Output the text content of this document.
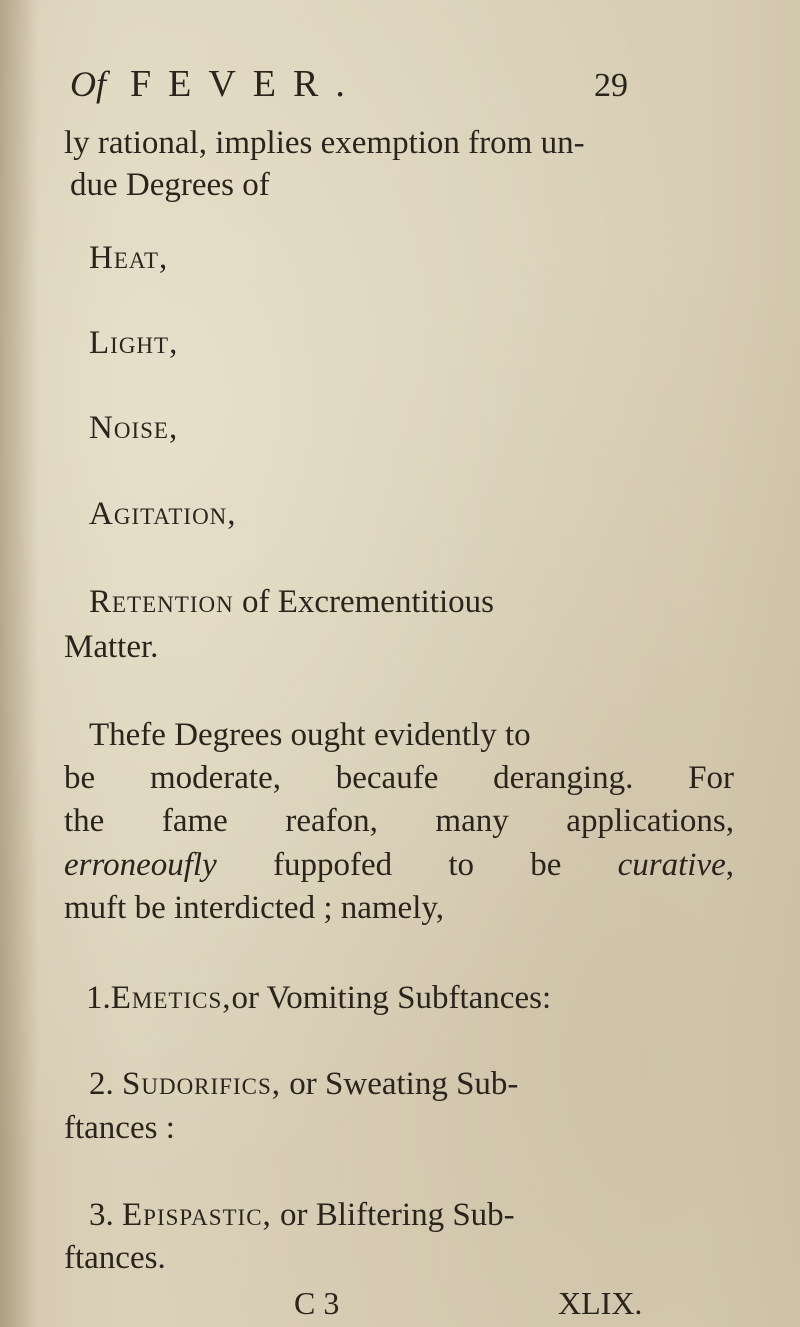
Of FEVER.	29
ly rational, implies exemption from un-
due Degrees of
Heat,
Light,
Noise,
Agitation,
Retention of Excrementitious
Matter.
Thefe Degrees ought evidently to
be moderate, becaufe deranging. For
the fame reafon, many applications,
erroneoufly fuppofed to be curative,
muft be interdicted ; namely,
1.Emetics,or Vomiting Subftances:
2. Sudorifics, or Sweating Sub-
ftances :
3. Epispastic, or Bliftering Sub-
ftances.
C 3	XLIX.
